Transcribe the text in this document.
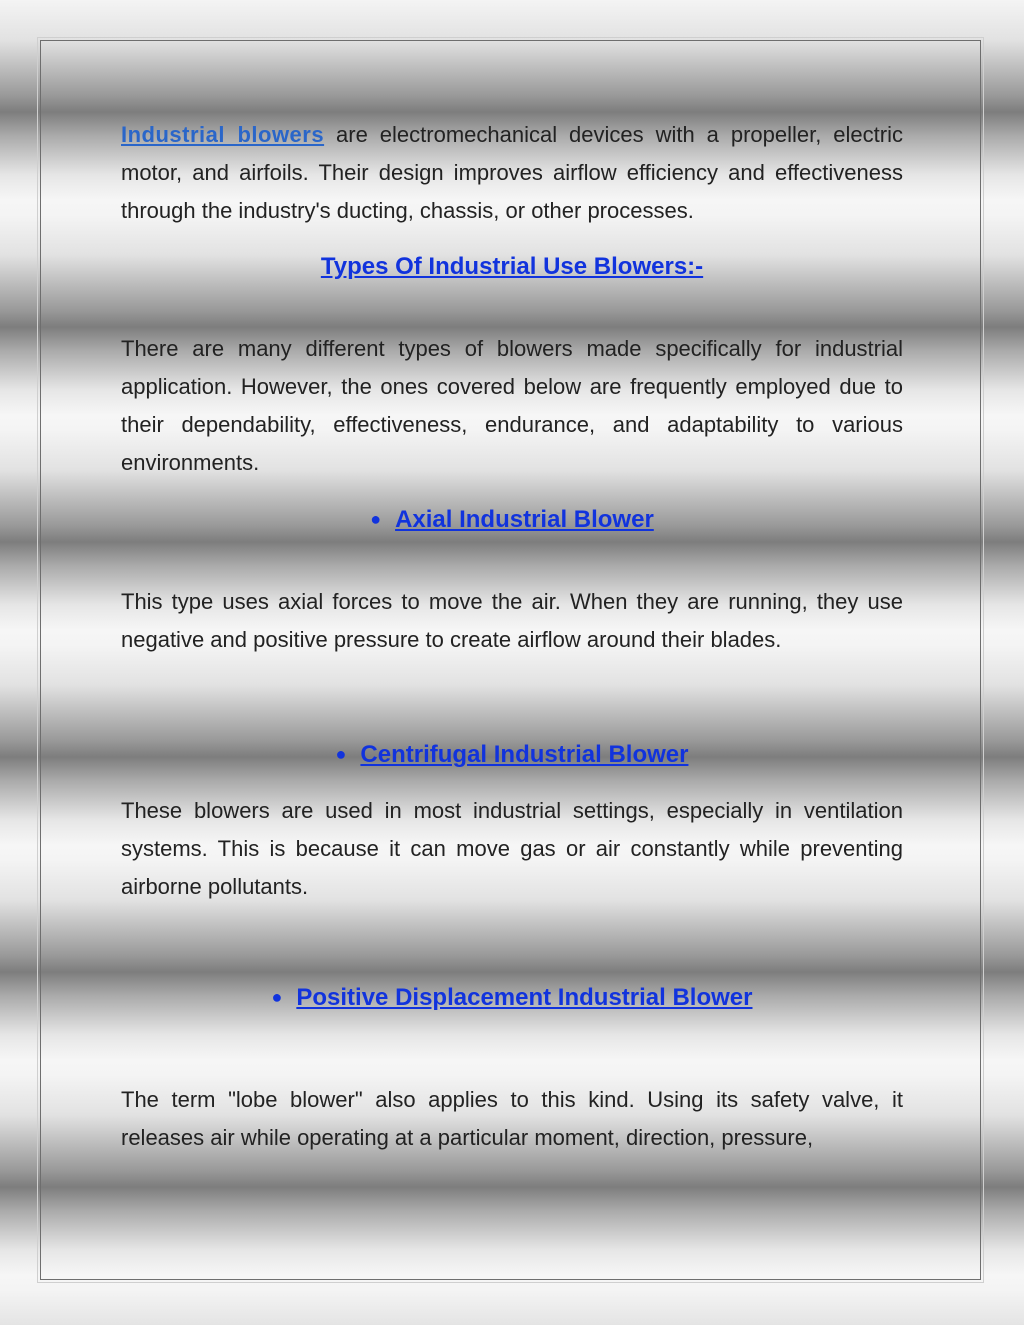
Industrial blowers are electromechanical devices with a propeller, electric motor, and airfoils. Their design improves airflow efficiency and effectiveness through the industry's ducting, chassis, or other processes.

Types Of Industrial Use Blowers:-

There are many different types of blowers made specifically for industrial application. However, the ones covered below are frequently employed due to their dependability, effectiveness, endurance, and adaptability to various environments.

● Axial Industrial Blower

This type uses axial forces to move the air. When they are running, they use negative and positive pressure to create airflow around their blades.

● Centrifugal Industrial Blower

These blowers are used in most industrial settings, especially in ventilation systems. This is because it can move gas or air constantly while preventing airborne pollutants.

● Positive Displacement Industrial Blower

The term "lobe blower" also applies to this kind. Using its safety valve, it releases air while operating at a particular moment, direction, pressure,
